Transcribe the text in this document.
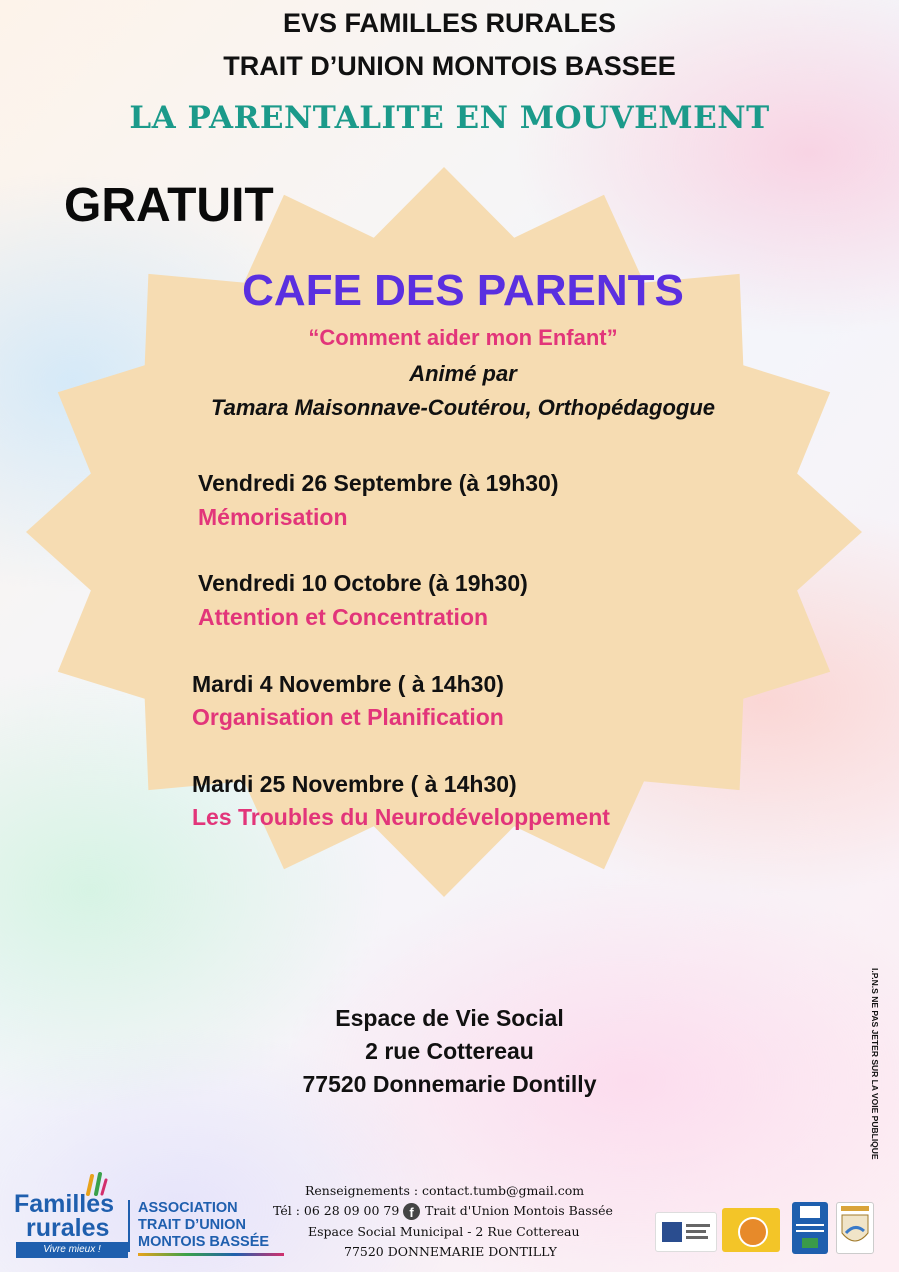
EVS FAMILLES RURALES
TRAIT D’UNION MONTOIS BASSEE
LA PARENTALITE EN MOUVEMENT
GRATUIT
CAFE DES PARENTS
“Comment aider mon Enfant”
Animé par
Tamara Maisonnave-Coutérou, Orthopédagogue
Vendredi 26 Septembre (à 19h30)
Mémorisation
Vendredi 10 Octobre (à 19h30)
Attention et Concentration
Mardi 4 Novembre ( à 14h30)
Organisation et Planification
Mardi 25 Novembre ( à 14h30)
Les Troubles du Neurodéveloppement
Espace de Vie Social
2 rue Cottereau
77520 Donnemarie Dontilly	I.P.N.S NE PAS JETER SUR LA VOIE PUBLIQUE
Familles
rurales
Vivre mieux !
ASSOCIATION
TRAIT D’UNION
MONTOIS BASSÉE
Renseignements : contact.tumb@gmail.com
Tél : 06 28 09 00 79 f Trait d'Union Montois Bassée
Espace Social Municipal - 2 Rue Cottereau
77520 DONNEMARIE DONTILLY
